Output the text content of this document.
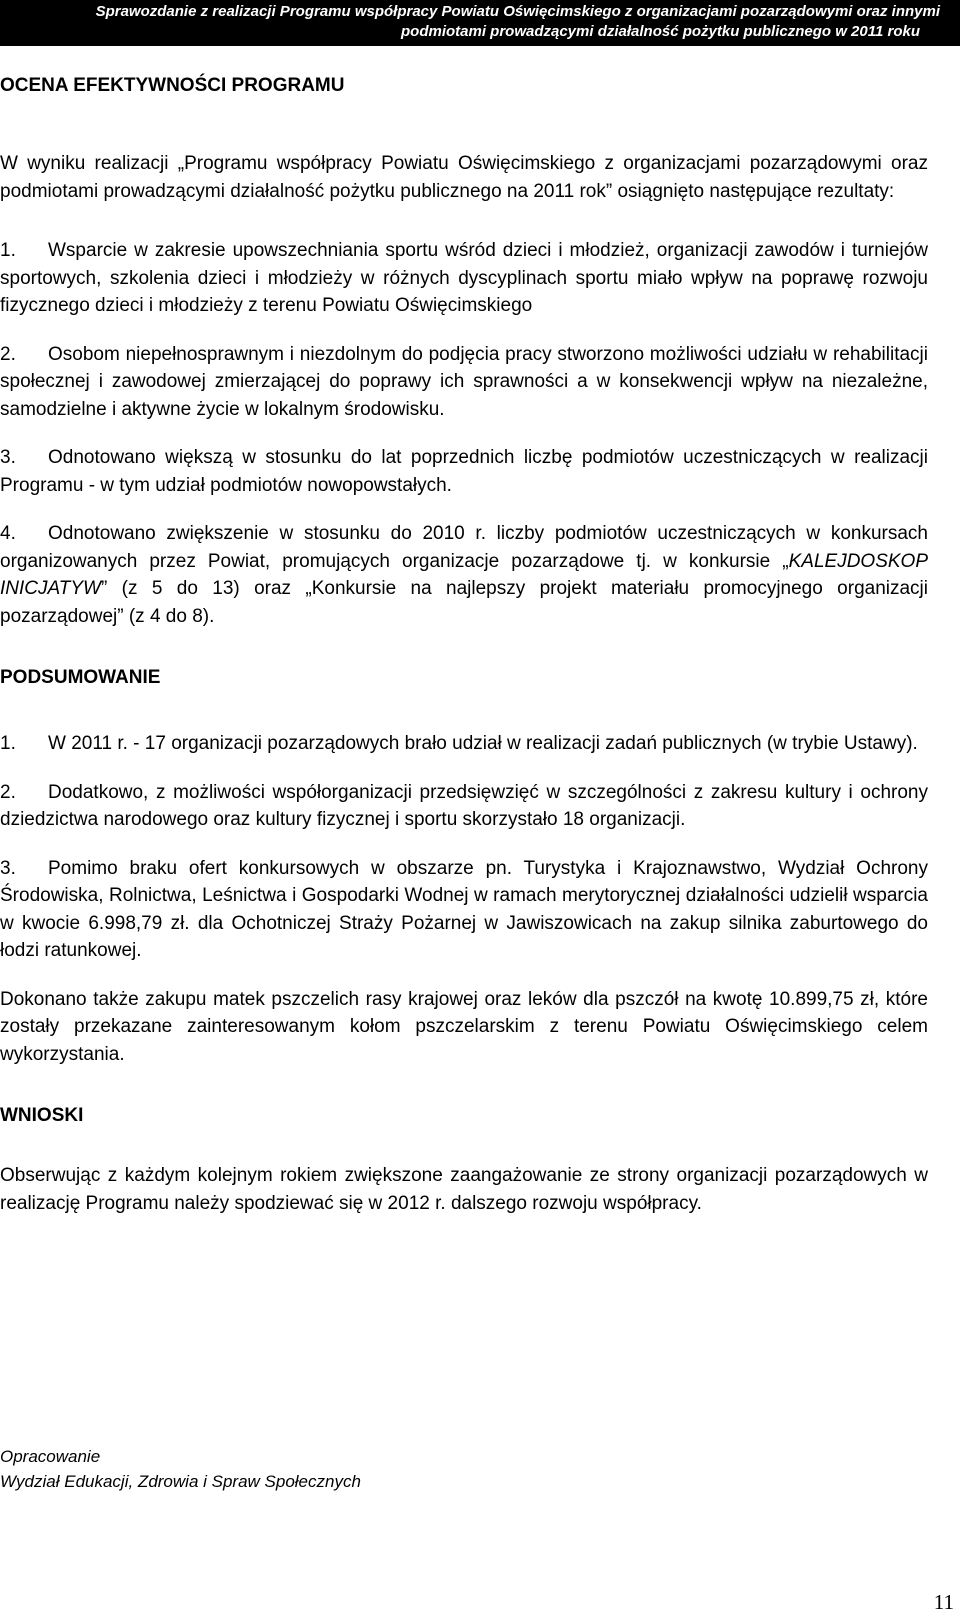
Sprawozdanie z realizacji Programu współpracy Powiatu Oświęcimskiego z organizacjami pozarządowymi oraz innymi
podmiotami prowadzącymi działalność pożytku publicznego w 2011 roku
OCENA EFEKTYWNOŚCI PROGRAMU

W wyniku realizacji „Programu współpracy Powiatu Oświęcimskiego z organizacjami pozarządowymi oraz podmiotami prowadzącymi działalność pożytku publicznego na 2011 rok” osiągnięto następujące rezultaty:

1. Wsparcie w zakresie upowszechniania sportu wśród dzieci i młodzież, organizacji zawodów i turniejów sportowych, szkolenia dzieci i młodzieży w różnych dyscyplinach sportu miało wpływ na poprawę rozwoju fizycznego dzieci i młodzieży z terenu Powiatu Oświęcimskiego

2. Osobom niepełnosprawnym i niezdolnym do podjęcia pracy stworzono możliwości udziału w rehabilitacji społecznej i zawodowej zmierzającej do poprawy ich sprawności a w konsekwencji wpływ na niezależne, samodzielne i aktywne życie w lokalnym środowisku.

3. Odnotowano większą w stosunku do lat poprzednich liczbę podmiotów uczestniczących w realizacji Programu - w tym udział podmiotów nowopowstałych.

4. Odnotowano zwiększenie w stosunku do 2010 r. liczby podmiotów uczestniczących w konkursach organizowanych przez Powiat, promujących organizacje pozarządowe tj. w konkursie „KALEJDOSKOP INICJATYW” (z 5 do 13) oraz „Konkursie na najlepszy projekt materiału promocyjnego organizacji pozarządowej” (z 4 do 8).

PODSUMOWANIE

1. W 2011 r. - 17 organizacji pozarządowych brało udział w realizacji zadań publicznych (w trybie Ustawy).

2. Dodatkowo, z możliwości współorganizacji przedsięwzięć w szczególności z zakresu kultury i ochrony dziedzictwa narodowego oraz kultury fizycznej i sportu skorzystało 18 organizacji.

3. Pomimo braku ofert konkursowych w obszarze pn. Turystyka i Krajoznawstwo, Wydział Ochrony Środowiska, Rolnictwa, Leśnictwa i Gospodarki Wodnej w ramach merytorycznej działalności udzielił wsparcia w kwocie 6.998,79 zł. dla Ochotniczej Straży Pożarnej w Jawiszowicach na zakup silnika zaburtowego do łodzi ratunkowej.

Dokonano także zakupu matek pszczelich rasy krajowej oraz leków dla pszczół na kwotę 10.899,75 zł, które zostały przekazane zainteresowanym kołom pszczelarskim z terenu Powiatu Oświęcimskiego celem wykorzystania.

WNIOSKI

Obserwując z każdym kolejnym rokiem zwiększone zaangażowanie ze strony organizacji pozarządowych w realizację Programu należy spodziewać się w 2012 r. dalszego rozwoju współpracy.

Opracowanie
Wydział Edukacji, Zdrowia i Spraw Społecznych
11
